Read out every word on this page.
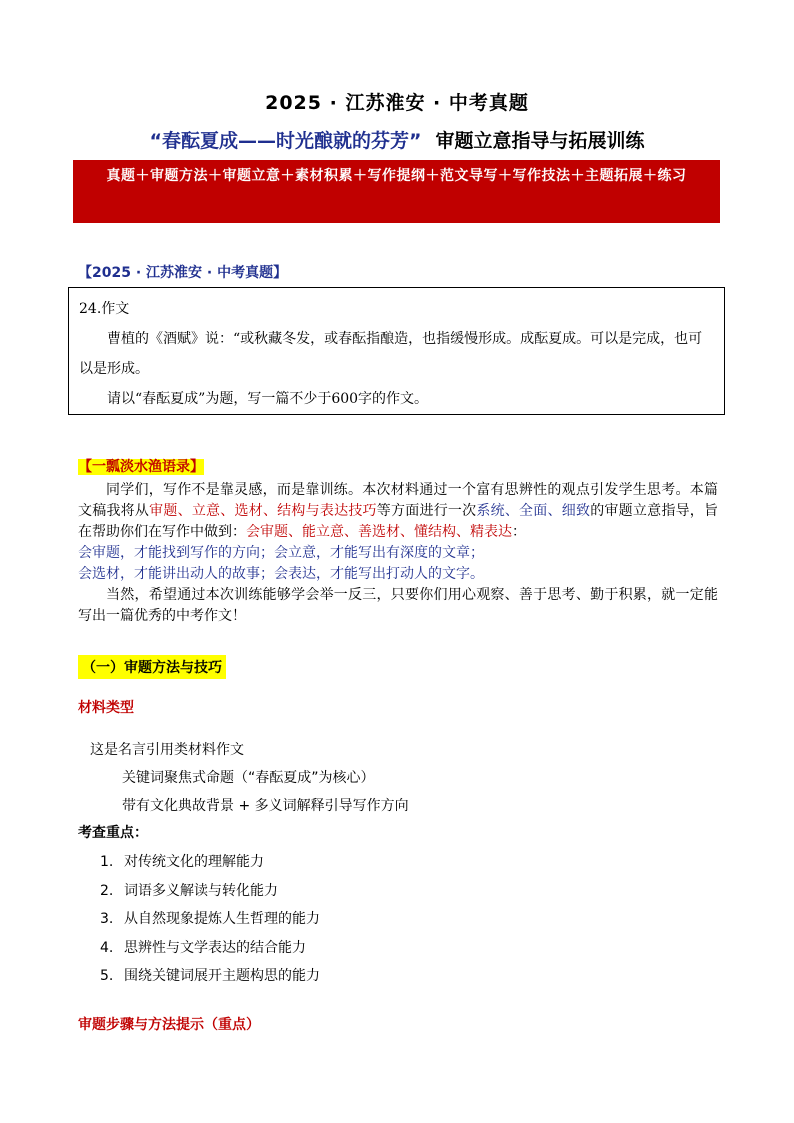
2025 · 江苏淮安 · 中考真题
“春酝夏成——时光酿就的芬芳” 审题立意指导与拓展训练
真题＋审题方法＋审题立意＋素材积累＋写作提纲＋范文导写＋写作技法＋主题拓展＋练习
【2025 · 江苏淮安 · 中考真题】

24.作文

曹植的《酒赋》说：“或秋藏冬发，或春酝指酿造，也指缓慢形成。成酝夏成。可以是完成，也可以是形成。

请以“春酝夏成”为题，写一篇不少于600字的作文。

【一瓢淡水渔语录】

同学们，写作不是靠灵感，而是靠训练。本次材料通过一个富有思辨性的观点引发学生思考。本篇文稿我将从审题、立意、选材、结构与表达技巧等方面进行一次系统、全面、细致的审题立意指导，旨在帮助你们在写作中做到：会审题、能立意、善选材、懂结构、精表达：

会审题，才能找到写作的方向；会立意，才能写出有深度的文章；

会选材，才能讲出动人的故事；会表达，才能写出打动人的文字。

当然，希望通过本次训练能够学会举一反三，只要你们用心观察、善于思考、勤于积累，就一定能写出一篇优秀的中考作文！

（一）审题方法与技巧
材料类型
这是名言引用类材料作文
关键词聚焦式命题（“春酝夏成”为核心）
带有文化典故背景 + 多义词解释引导写作方向
考查重点：
1. 对传统文化的理解能力
2. 词语多义解读与转化能力
3. 从自然现象提炼人生哲理的能力
4. 思辨性与文学表达的结合能力
5. 围绕关键词展开主题构思的能力
审题步骤与方法提示（重点）
